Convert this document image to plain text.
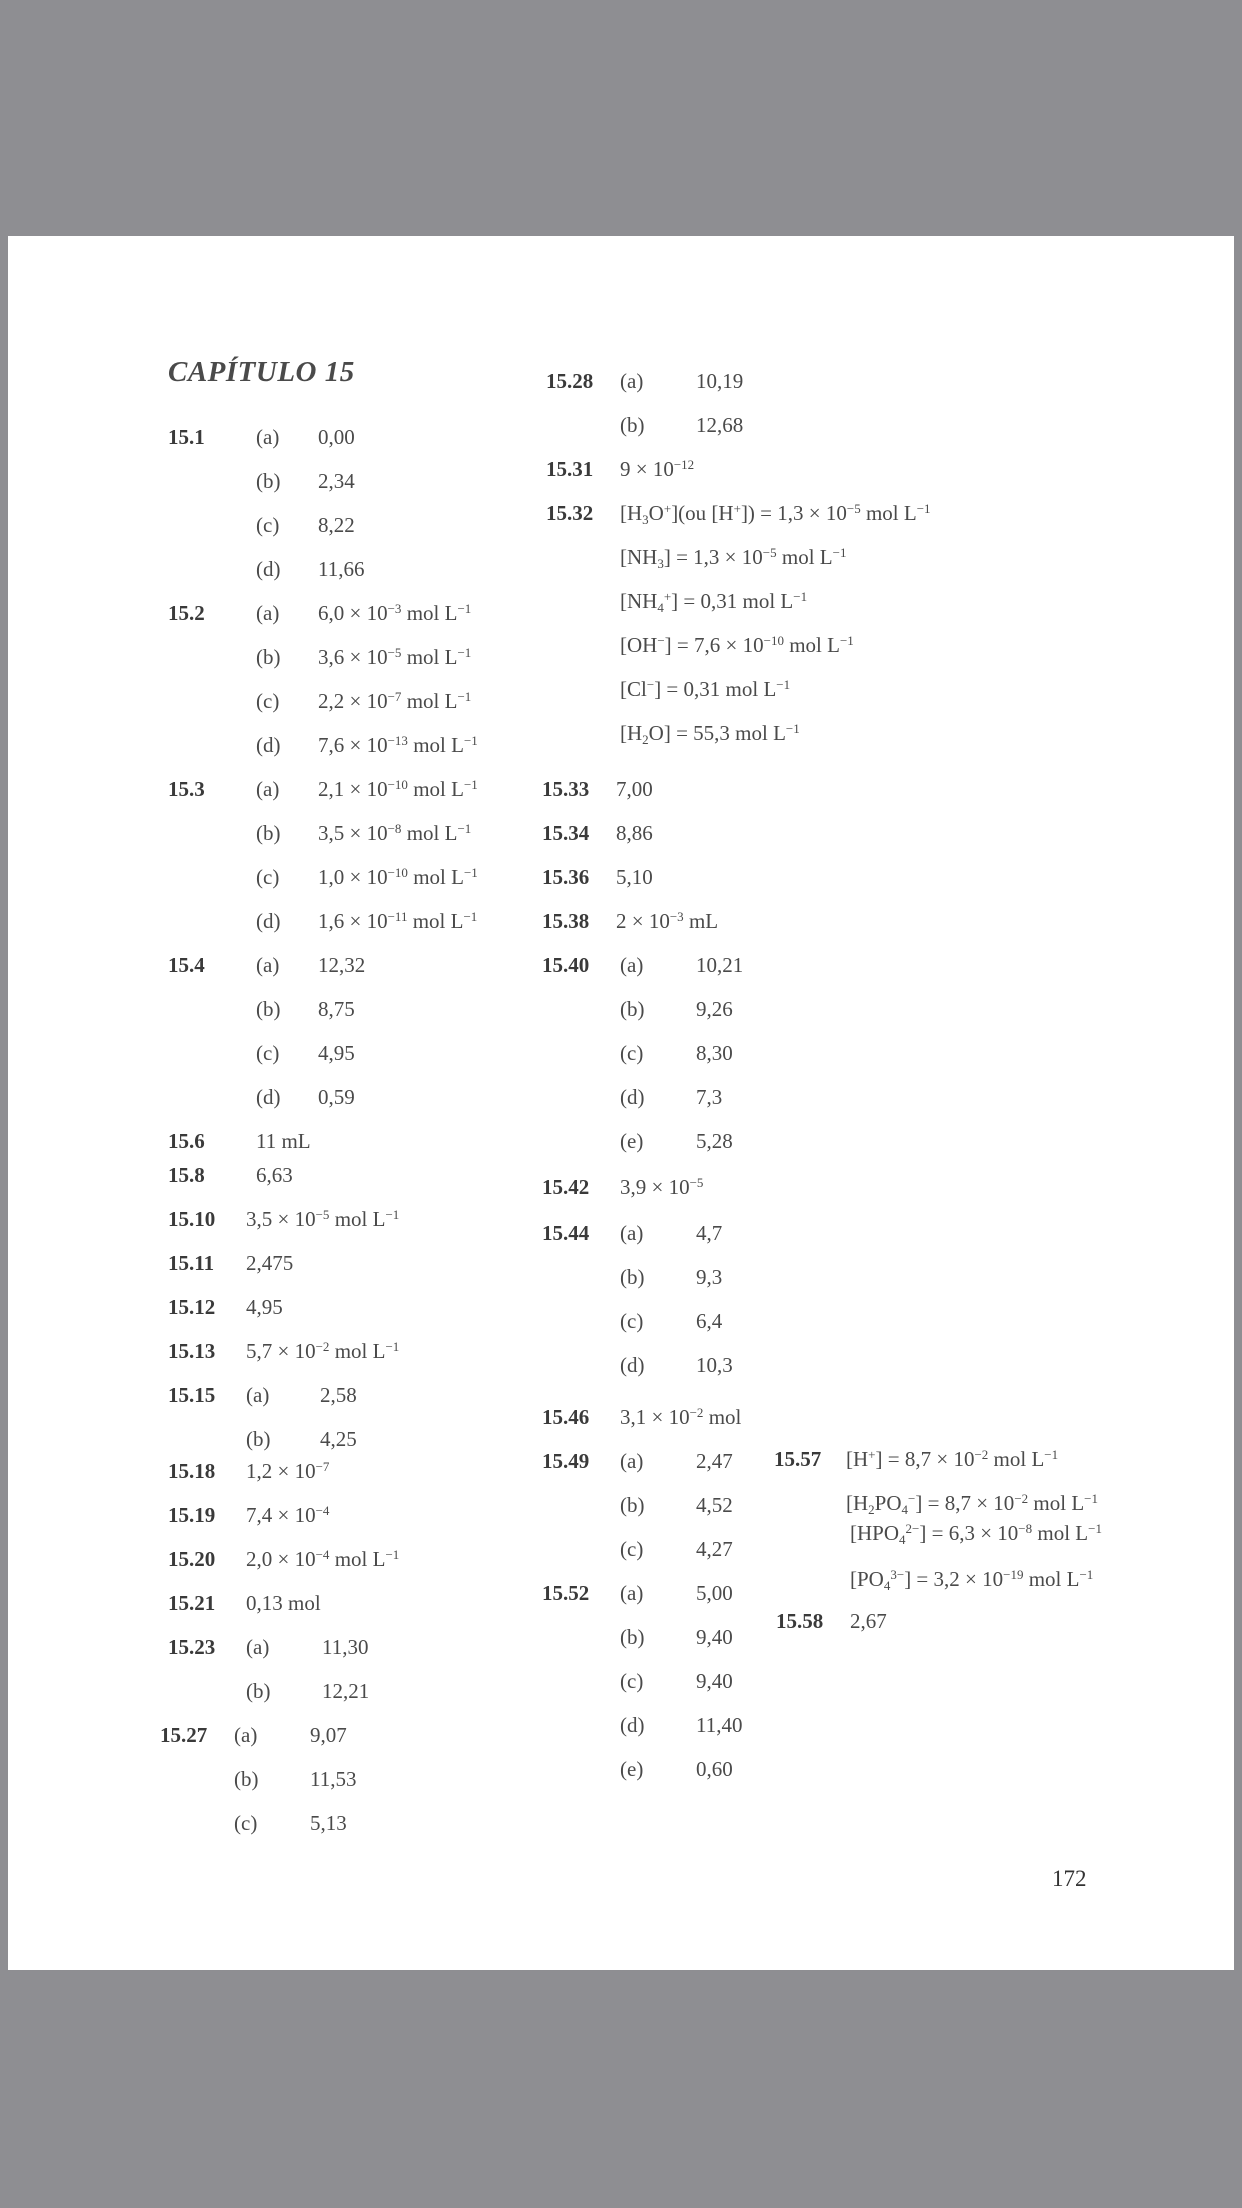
CAPÍTULO 15
15.1 (a) 0,00
(b) 2,34
(c) 8,22
(d) 11,66
15.2 (a) $6,0 \times 10^{-3}$ mol $L^{-1}$
(b) $3,6 \times 10^{-5}$ mol $L^{-1}$
(c) $2,2 \times 10^{-7}$ mol $L^{-1}$
(d) $7,6 \times 10^{-13}$ mol $L^{-1}$
15.3 (a) $2,1 \times 10^{-10}$ mol $L^{-1}$
(b) $3,5 \times 10^{-8}$ mol $L^{-1}$
(c) $1,0 \times 10^{-10}$ mol $L^{-1}$
(d) $1,6 \times 10^{-11}$ mol $L^{-1}$
15.4 (a) 12,32
(b) 8,75
(c) 4,95
(d) 0,59
15.6 11 mL
15.8 6,63
15.10 $3,5 \times 10^{-5}$ mol $L^{-1}$
15.11 2,475
15.12 4,95
15.13 $5,7 \times 10^{-2}$ mol $L^{-1}$
15.15 (a) 2,58
(b) 4,25
15.18 $1,2 \times 10^{-7}$
15.19 $7,4 \times 10^{-4}$
15.20 $2,0 \times 10^{-4}$ mol $L^{-1}$
15.21 0,13 mol
15.23 (a)	11,30
(b) 12,21
15.27 (a)	9,07
(b) 11,53
(c)	5,13
15.28 (a)	10,19
(b) 12,68
15.31 $9 \times 10^{-12}$
15.32 $[H_3O^+](ou$ $[H^+]) = 1,3 \times 10^{-5}$ mol $L^{-1}$
$[NH_3] = 1,3 \times 10^{-5}$ mol $L^{-1}$
$[NH_4^+] = 0,31$ mol $L^{-1}$
$[OH^-] = 7,6 \times 10^{-10}$ mol $L^{-1}$
[Cl−] = 0,31 mol $L^{-1}$
$[H_2O] = 55,3$ mol $L^{-1}$
15.33 7,00
15.34 8,86
15.36 5,10
15.38 $2 \times 10^{-3}$ mL
15.40 (a)	10,21
(b) 9,26
(c)	8,30
(d) 7,3
(e)	5,28
15.42 $3,9 \times 10^{-5}$
15.44 (a)	4,7
(b) 9,3
(c)	6,4
(d) 10,3
15.46 $3,1 \times 10^{-2}$ mol
15.49 (a)	2,47
(b) 4,52
(c)	4,27
15.52 (a)	5,00
(b) 9,40
(c)	9,40
(d) 11,40
(e)	0,60
15.57 $[H^+] = 8,7 \times 10^{-2}$ mol $L^{-1}$
$[H_2PO_4^-] = 8,7 \times 10^{-2}$ mol $L^{-1}$
$[HPO_4^{2-}] = 6,3 \times 10^{-8}$ mol $L^{-1}$
$[PO_4^{3-}] = 3,2 \times 10^{-19}$ mol $L^{-1}$
15.58 2,67
172
